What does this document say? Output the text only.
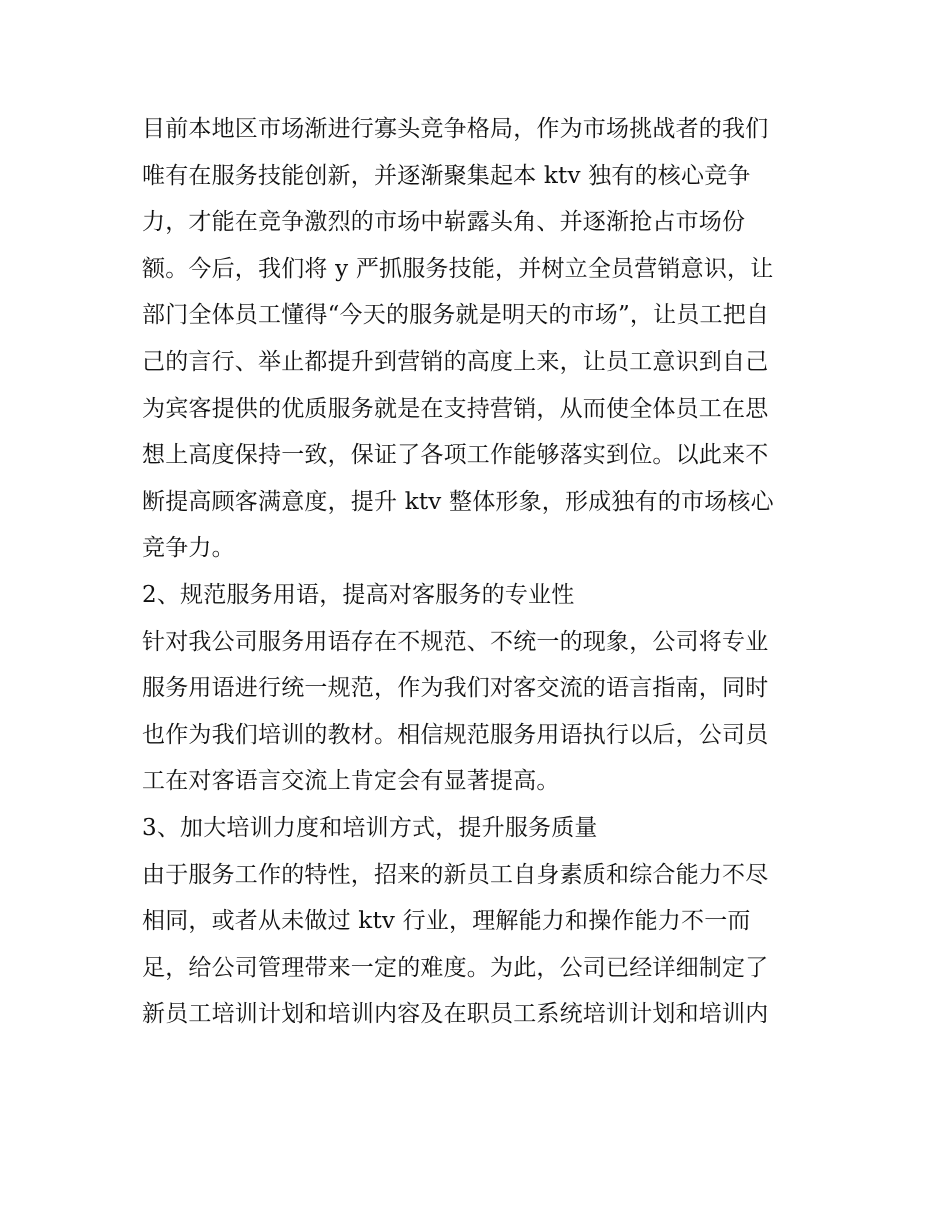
目前本地区市场渐进行寡头竞争格局，作为市场挑战者的我们
唯有在服务技能创新，并逐渐聚集起本 ktv 独有的核心竞争
力，才能在竞争激烈的市场中崭露头角、并逐渐抢占市场份
额。今后，我们将 y 严抓服务技能，并树立全员营销意识，让
部门全体员工懂得“今天的服务就是明天的市场”，让员工把自
己的言行、举止都提升到营销的高度上来，让员工意识到自己
为宾客提供的优质服务就是在支持营销，从而使全体员工在思
想上高度保持一致，保证了各项工作能够落实到位。以此来不
断提高顾客满意度，提升 ktv 整体形象，形成独有的市场核心
竞争力。
2、规范服务用语，提高对客服务的专业性
针对我公司服务用语存在不规范、不统一的现象，公司将专业
服务用语进行统一规范，作为我们对客交流的语言指南，同时
也作为我们培训的教材。相信规范服务用语执行以后，公司员
工在对客语言交流上肯定会有显著提高。
3、加大培训力度和培训方式，提升服务质量
由于服务工作的特性，招来的新员工自身素质和综合能力不尽
相同，或者从未做过 ktv 行业，理解能力和操作能力不一而
足，给公司管理带来一定的难度。为此，公司已经详细制定了
新员工培训计划和培训内容及在职员工系统培训计划和培训内
